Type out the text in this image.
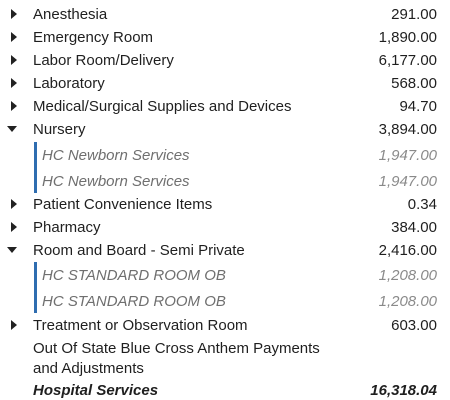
Anesthesia	291.00
Emergency Room	1,890.00
Labor Room/Delivery	6,177.00
Laboratory	568.00
Medical/Surgical Supplies and Devices	94.70
Nursery	3,894.00
HC Newborn Services	1,947.00
HC Newborn Services	1,947.00
Patient Convenience Items	0.34
Pharmacy	384.00
Room and Board - Semi Private	2,416.00
HC STANDARD ROOM OB	1,208.00
HC STANDARD ROOM OB	1,208.00
Treatment or Observation Room	603.00
Out Of State Blue Cross Anthem Payments and Adjustments
Hospital Services	16,318.04
